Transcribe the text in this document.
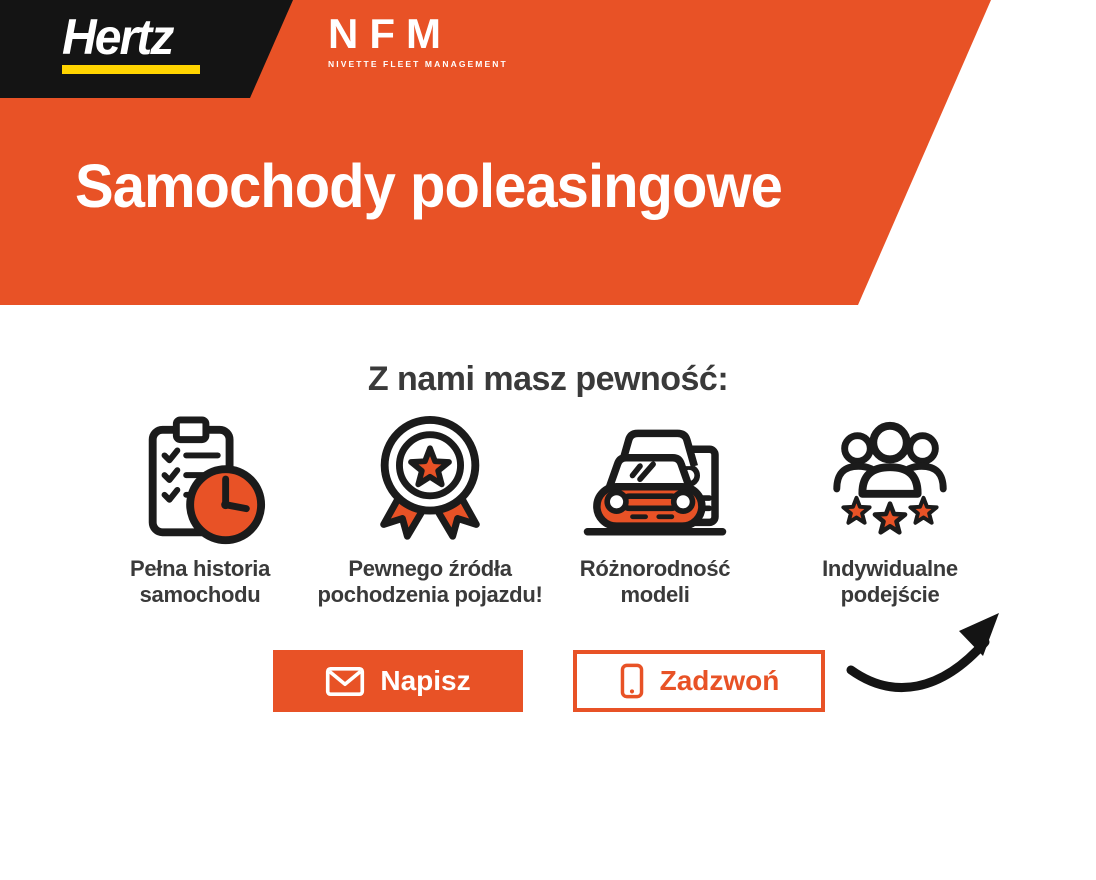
Hertz	NFM
NIVETTE FLEET MANAGEMENT
Samochody poleasingowe
Z nami masz pewność:
Pełna historia
samochodu
Pewnego źródła
pochodzenia pojazdu!
Różnorodność
modeli
Indywidualne
podejście
Napisz	Zadzwoń
